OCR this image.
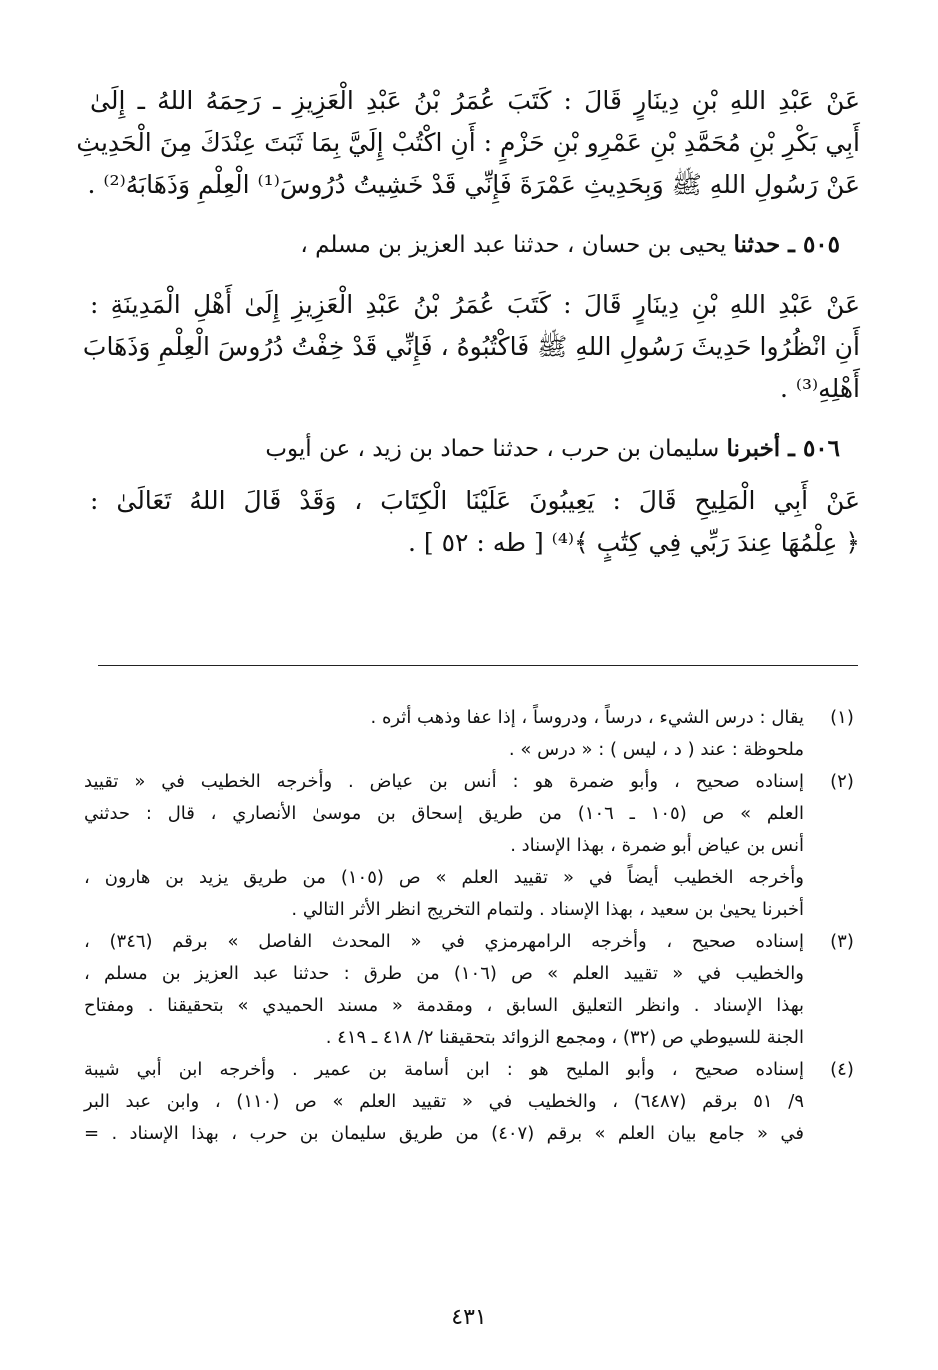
عَنْ عَبْدِ اللهِ بْنِ دِينَارٍ قَالَ : كَتَبَ عُمَرُ بْنُ عَبْدِ الْعَزِيزِ ـ رَحِمَهُ اللهُ ـ إِلَىٰ
أَبِي بَكْرِ بْنِ مُحَمَّدِ بْنِ عَمْرِو بْنِ حَزْمٍ : أَنِ اكْتُبْ إِلَيَّ بِمَا ثَبَتَ عِنْدَكَ مِنَ الْحَدِيثِ
عَنْ رَسُولِ اللهِ ﷺ وَبِحَدِيثِ عَمْرَةَ فَإِنِّي قَدْ خَشِيتُ دُرُوسَ⁽¹⁾ الْعِلْمِ وَذَهَابَهُ⁽²⁾ .
٥٠٥ ـ حدثنا يحيى بن حسان ، حدثنا عبد العزيز بن مسلم ،
عَنْ عَبْدِ اللهِ بْنِ دِينَارٍ قَالَ : كَتَبَ عُمَرُ بْنُ عَبْدِ الْعَزِيزِ إِلَىٰ أَهْلِ الْمَدِينَةِ :
أَنِ انْظُرُوا حَدِيثَ رَسُولِ اللهِ ﷺ فَاكْتُبُوهُ ، فَإِنِّي قَدْ خِفْتُ دُرُوسَ الْعِلْمِ وَذَهَابَ
أَهْلِهِ⁽³⁾ .
٥٠٦ ـ أخبرنا سليمان بن حرب ، حدثنا حماد بن زيد ، عن أيوب
عَنْ أَبِي الْمَلِيحِ قَالَ : يَعِيبُونَ عَلَيْنَا الْكِتَابَ ، وَقَدْ قَالَ اللهُ تَعَالَىٰ :
﴿ عِلْمُهَا عِندَ رَبِّي فِي كِتَٰبٍ ﴾⁽⁴⁾ [ طه : ٥٢ ] .
(١)
يقال : درس الشيء ، درساً ، ودروساً ، إذا عفا وذهب أثره .
ملحوظة : عند ( د ، ليس ) : « درس » .
(٢)
إسناده صحيح ، وأبو ضمرة هو : أنس بن عياض . وأخرجه الخطيب في « تقييد
العلم » ص (١٠٥ ـ ١٠٦) من طريق إسحاق بن موسىٰ الأنصاري ، قال : حدثني
أنس بن عياض أبو ضمرة ، بهذا الإسناد .
وأخرجه الخطيب أيضاً في « تقييد العلم » ص (١٠٥) من طريق يزيد بن هارون ،
أخبرنا يحيىٰ بن سعيد ، بهذا الإسناد . ولتمام التخريج انظر الأثر التالي .
(٣)
إسناده صحيح ، وأخرجه الرامهرمزي في « المحدث الفاصل » برقم (٣٤٦) ،
والخطيب في « تقييد العلم » ص (١٠٦) من طرق : حدثنا عبد العزيز بن مسلم ،
بهذا الإسناد . وانظر التعليق السابق ، ومقدمة « مسند الحميدي » بتحقيقنا . ومفتاح
الجنة للسيوطي ص (٣٢) ، ومجمع الزوائد بتحقيقنا ٢/ ٤١٨ ـ ٤١٩ .
(٤)
إسناده صحيح ، وأبو المليح هو : ابن أسامة بن عمير . وأخرجه ابن أبي شيبة
٩/ ٥١ برقم (٦٤٨٧) ، والخطيب في « تقييد العلم » ص (١١٠) ، وابن عبد البر
في « جامع بيان العلم » برقم (٤٠٧) من طريق سليمان بن حرب ، بهذا الإسناد . =
٤٣١
